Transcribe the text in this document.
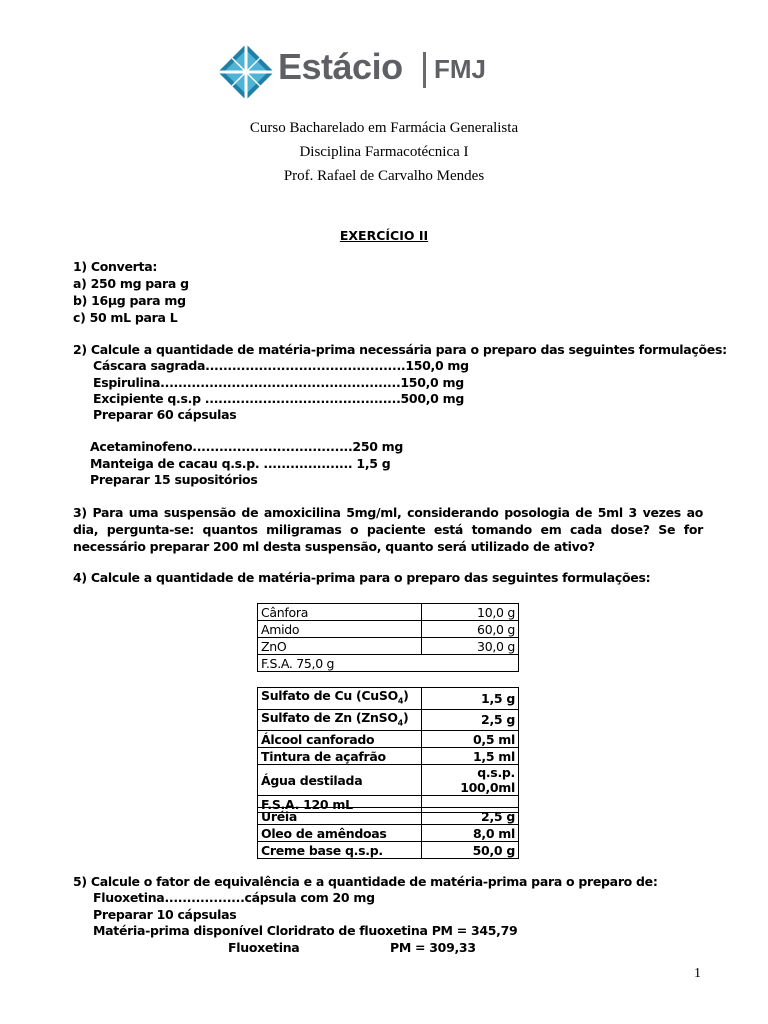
Estácio FMJ
Curso Bacharelado em Farmácia Generalista
Disciplina Farmacotécnica I
Prof. Rafael de Carvalho Mendes
EXERCÍCIO II
1) Converta:
a) 250 mg para g
b) 16µg para mg
c) 50 mL para L
2) Calcule a quantidade de matéria-prima necessária para o preparo das seguintes formulações:
Cáscara sagrada.............................................150,0 mg
Espirulina......................................................150,0 mg
Excipiente q.s.p ............................................500,0 mg
Preparar 60 cápsulas
Acetaminofeno....................................250 mg
Manteiga de cacau q.s.p. .................... 1,5 g
Preparar 15 supositórios
3) Para uma suspensão de amoxicilina 5mg/ml, considerando posologia de 5ml 3 vezes ao dia, pergunta-se: quantos miligramas o paciente está tomando em cada dose? Se for necessário preparar 200 ml desta suspensão, quanto será utilizado de ativo?
4) Calcule a quantidade de matéria-prima para o preparo das seguintes formulações:
Cânfora	10,0 g
Amido	60,0 g
ZnO	30,0 g
F.S.A. 75,0 g	
Sulfato de Cu (CuSO$_4$)	1,5 g
Sulfato de Zn (ZnSO$_4$)	2,5 g
Álcool canforado	0,5 ml
Tintura de açafrão	1,5 ml
Água destilada	q.s.p. 100,0ml
F.S.A. 120 mL	
Uréia	2,5 g
Oleo de amêndoas	8,0 ml
Creme base q.s.p.	50,0 g
5) Calcule o fator de equivalência e a quantidade de matéria-prima para o preparo de:
Fluoxetina..................cápsula com 20 mg
Preparar 10 cápsulas
Matéria-prima disponível Cloridrato de fluoxetina PM = 345,79
Fluoxetina	PM = 309,33
1
